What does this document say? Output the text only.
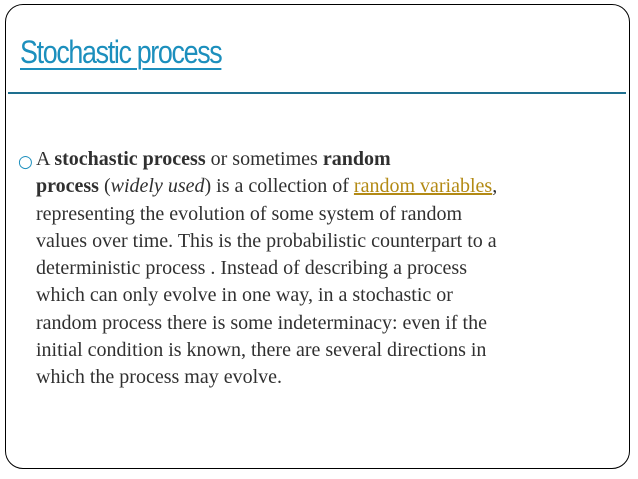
Stochastic process
○ A stochastic process or sometimes random
process (widely used) is a collection of random variables,
representing the evolution of some system of random
values over time. This is the probabilistic counterpart to a
deterministic process . Instead of describing a process
which can only evolve in one way, in a stochastic or
random process there is some indeterminacy: even if the
initial condition is known, there are several directions in
which the process may evolve.
